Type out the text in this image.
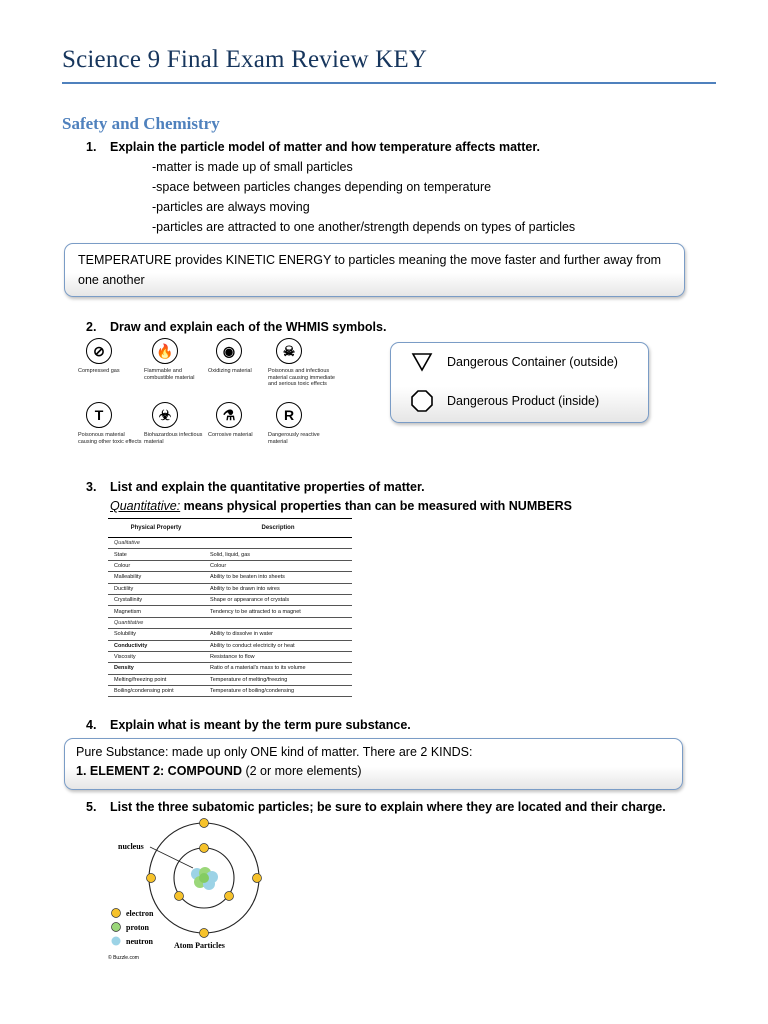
Science 9 Final Exam Review KEY
Safety and Chemistry
1. Explain the particle model of matter and how temperature affects matter.
-matter is made up of small particles
-space between particles changes depending on temperature
-particles are always moving
-particles are attracted to one another/strength depends on types of particles
TEMPERATURE provides KINETIC ENERGY to particles meaning the move faster and further away from one another
2. Draw and explain each of the WHMIS symbols.
⊘
Compressed gas
🔥
Flammable and combustible material
◉
Oxidizing material
☠
Poisonous and infectious material causing immediate and serious toxic effects
T
Poisonous material causing other toxic effects
☣
Biohazardous infectious material
⚗
Corrosive material
R
Dangerously reactive material
Dangerous Container (outside)
Dangerous Product (inside)
3. List and explain the quantitative properties of matter.
Quantitative: means physical properties than can be measured with NUMBERS
Physical Property	Description
Qualitative	
State	Solid, liquid, gas
Colour	Colour
Malleability	Ability to be beaten into sheets
Ductility	Ability to be drawn into wires
Crystallinity	Shape or appearance of crystals
Magnetism	Tendency to be attracted to a magnet
Quantitative	
Solubility	Ability to dissolve in water
Conductivity	Ability to conduct electricity or heat
Viscosity	Resistance to flow
Density	Ratio of a material's mass to its volume
Melting/freezing point	Temperature of melting/freezing
Boiling/condensing point	Temperature of boiling/condensing
4. Explain what is meant by the term pure substance.
Pure Substance: made up only ONE kind of matter. There are 2 KINDS:
1. ELEMENT 2: COMPOUND (2 or more elements)
5. List the three subatomic particles; be sure to explain where they are located and their charge.
nucleus
electron
proton
neutron	Atom Particles
© Buzzle.com
